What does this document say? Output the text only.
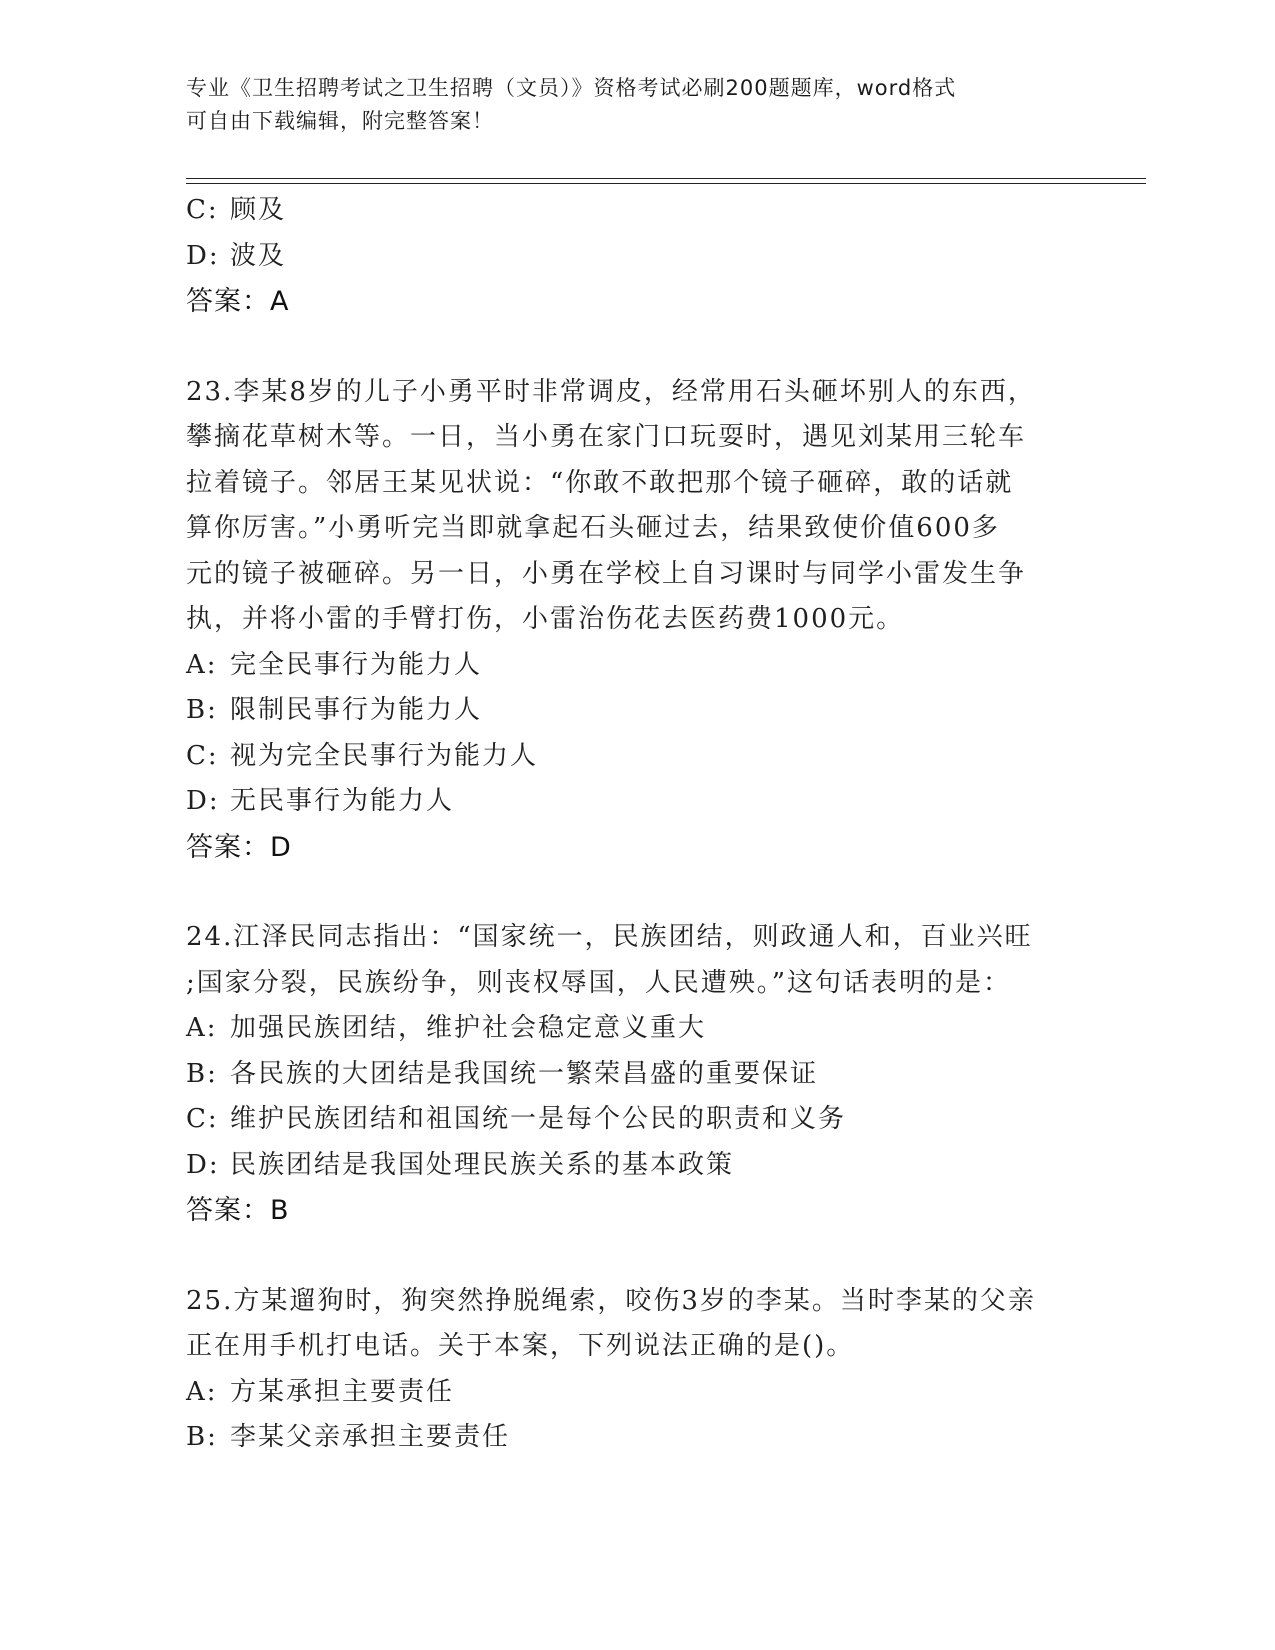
专业《卫生招聘考试之卫生招聘（文员）》资格考试必刷200题题库，word格式
可自由下载编辑，附完整答案！
C: 顾及
D: 波及
答案：A
23.李某8岁的儿子小勇平时非常调皮，经常用石头砸坏别人的东西，
攀摘花草树木等。一日，当小勇在家门口玩耍时，遇见刘某用三轮车
拉着镜子。邻居王某见状说：“你敢不敢把那个镜子砸碎，敢的话就
算你厉害。”小勇听完当即就拿起石头砸过去，结果致使价值600多
元的镜子被砸碎。另一日，小勇在学校上自习课时与同学小雷发生争
执，并将小雷的手臂打伤，小雷治伤花去医药费1000元。
A: 完全民事行为能力人
B: 限制民事行为能力人
C: 视为完全民事行为能力人
D: 无民事行为能力人
答案：D
24.江泽民同志指出：“国家统一，民族团结，则政通人和，百业兴旺
;国家分裂，民族纷争，则丧权辱国，人民遭殃。”这句话表明的是：
A: 加强民族团结，维护社会稳定意义重大
B: 各民族的大团结是我国统一繁荣昌盛的重要保证
C: 维护民族团结和祖国统一是每个公民的职责和义务
D: 民族团结是我国处理民族关系的基本政策
答案：B
25.方某遛狗时，狗突然挣脱绳索，咬伤3岁的李某。当时李某的父亲
正在用手机打电话。关于本案，下列说法正确的是()。
A: 方某承担主要责任
B: 李某父亲承担主要责任
